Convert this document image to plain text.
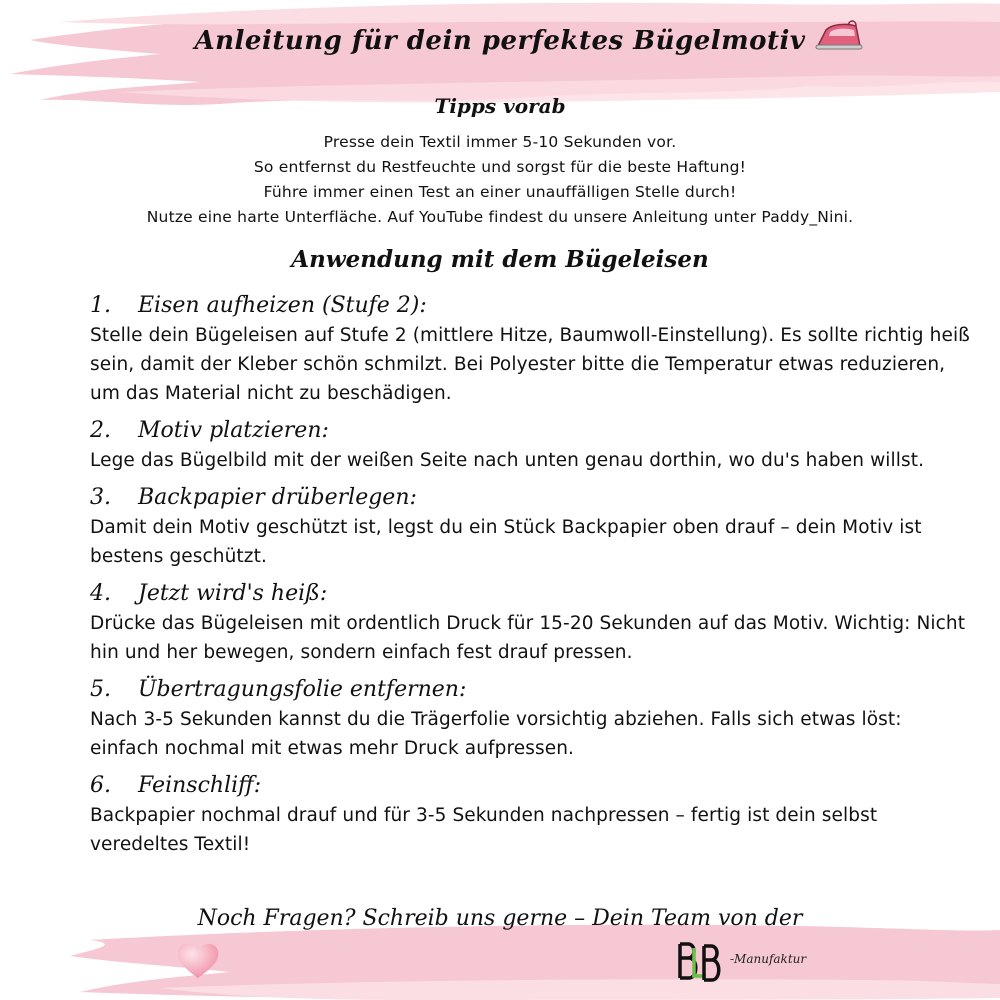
Anleitung für dein perfektes Bügelmotiv
Tipps vorab
Presse dein Textil immer 5-10 Sekunden vor.
So entfernst du Restfeuchte und sorgst für die beste Haftung!
Führe immer einen Test an einer unauffälligen Stelle durch!
Nutze eine harte Unterfläche. Auf YouTube findest du unsere Anleitung unter Paddy_Nini.
Anwendung mit dem Bügeleisen
1. Eisen aufheizen (Stufe 2):
Stelle dein Bügeleisen auf Stufe 2 (mittlere Hitze, Baumwoll-Einstellung). Es sollte richtig heiß sein, damit der Kleber schön schmilzt. Bei Polyester bitte die Temperatur etwas reduzieren, um das Material nicht zu beschädigen.
2. Motiv platzieren:
Lege das Bügelbild mit der weißen Seite nach unten genau dorthin, wo du's haben willst.
3. Backpapier drüberlegen:
Damit dein Motiv geschützt ist, legst du ein Stück Backpapier oben drauf – dein Motiv ist bestens geschützt.
4. Jetzt wird's heiß:
Drücke das Bügeleisen mit ordentlich Druck für 15-20 Sekunden auf das Motiv. Wichtig: Nicht hin und her bewegen, sondern einfach fest drauf pressen.
5. Übertragungsfolie entfernen:
Nach 3-5 Sekunden kannst du die Trägerfolie vorsichtig abziehen. Falls sich etwas löst: einfach nochmal mit etwas mehr Druck aufpressen.
6. Feinschliff:
Backpapier nochmal drauf und für 3-5 Sekunden nachpressen – fertig ist dein selbst veredeltes Textil!

Noch Fragen? Schreib uns gerne – Dein Team von der

-Manufaktur
